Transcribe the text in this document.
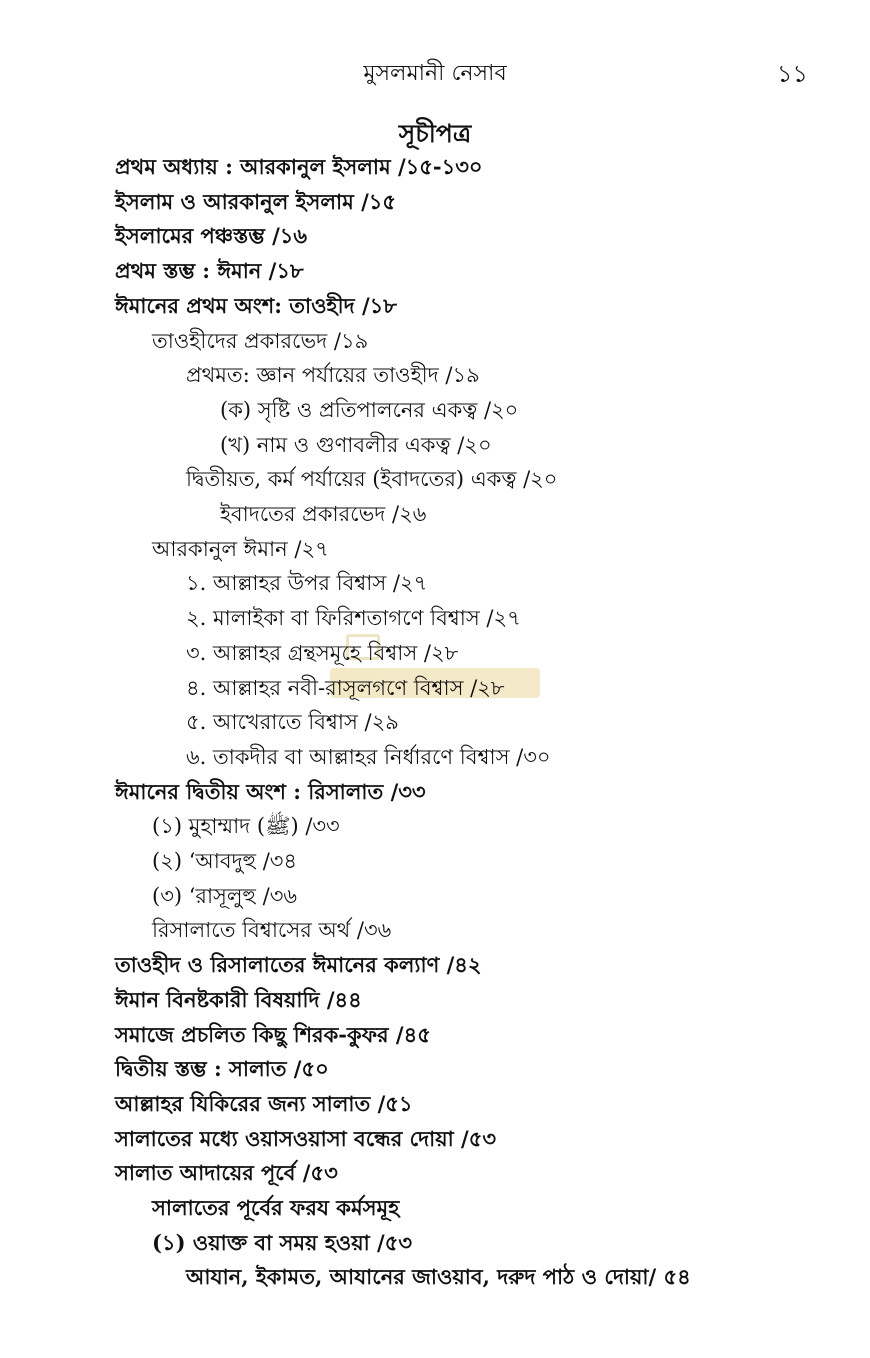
মুসলমানী নেসাব	১১
সূচীপত্র
প্রথম অধ্যায় : আরকানুল ইসলাম / ১৫-১৩০
ইসলাম ও আরকানুল ইসলাম / ১৫
ইসলামের পঞ্চস্তম্ভ / ১৬
প্রথম স্তম্ভ : ঈমান / ১৮
ঈমানের প্রথম অংশ: তাওহীদ / ১৮
তাওহীদের প্রকারভেদ / ১৯
প্রথমত: জ্ঞান পর্যায়ের তাওহীদ / ১৯
(ক) সৃষ্টি ও প্রতিপালনের একত্ব / ২০
(খ) নাম ও গুণাবলীর একত্ব / ২০
দ্বিতীয়ত, কর্ম পর্যায়ের (ইবাদতের) একত্ব / ২০
ইবাদতের প্রকারভেদ / ২৬
আরকানুল ঈমান / ২৭
১. আল্লাহর উপর বিশ্বাস / ২৭
২. মালাইকা বা ফিরিশতাগণে বিশ্বাস / ২৭
৩. আল্লাহর গ্রন্থসমূহে বিশ্বাস / ২৮
৪. আল্লাহর নবী-রাসূলগণে বিশ্বাস / ২৮
৫. আখেরাতে বিশ্বাস / ২৯
৬. তাকদীর বা আল্লাহর নির্ধারণে বিশ্বাস / ৩০
ঈমানের দ্বিতীয় অংশ : রিসালাত / ৩৩
(১) মুহাম্মাদ (ﷺ) / ৩৩
(২) ‘আবদুহু / ৩৪
(৩) ‘রাসূলুহু / ৩৬
রিসালাতে বিশ্বাসের অর্থ / ৩৬
তাওহীদ ও রিসালাতের ঈমানের কল্যাণ / ৪২
ঈমান বিনষ্টকারী বিষয়াদি / ৪৪
সমাজে প্রচলিত কিছু শিরক-কুফর / ৪৫
দ্বিতীয় স্তম্ভ : সালাত / ৫০
আল্লাহর যিকিরের জন্য সালাত / ৫১
সালাতের মধ্যে ওয়াসওয়াসা বন্ধের দোয়া / ৫৩
সালাত আদায়ের পূর্বে / ৫৩
সালাতের পূর্বের ফরয কর্মসমূহ
(১) ওয়াক্ত বা সময় হওয়া / ৫৩
আযান, ইকামত, আযানের জাওয়াব, দরুদ পাঠ ও দোয়া / ৫৪
